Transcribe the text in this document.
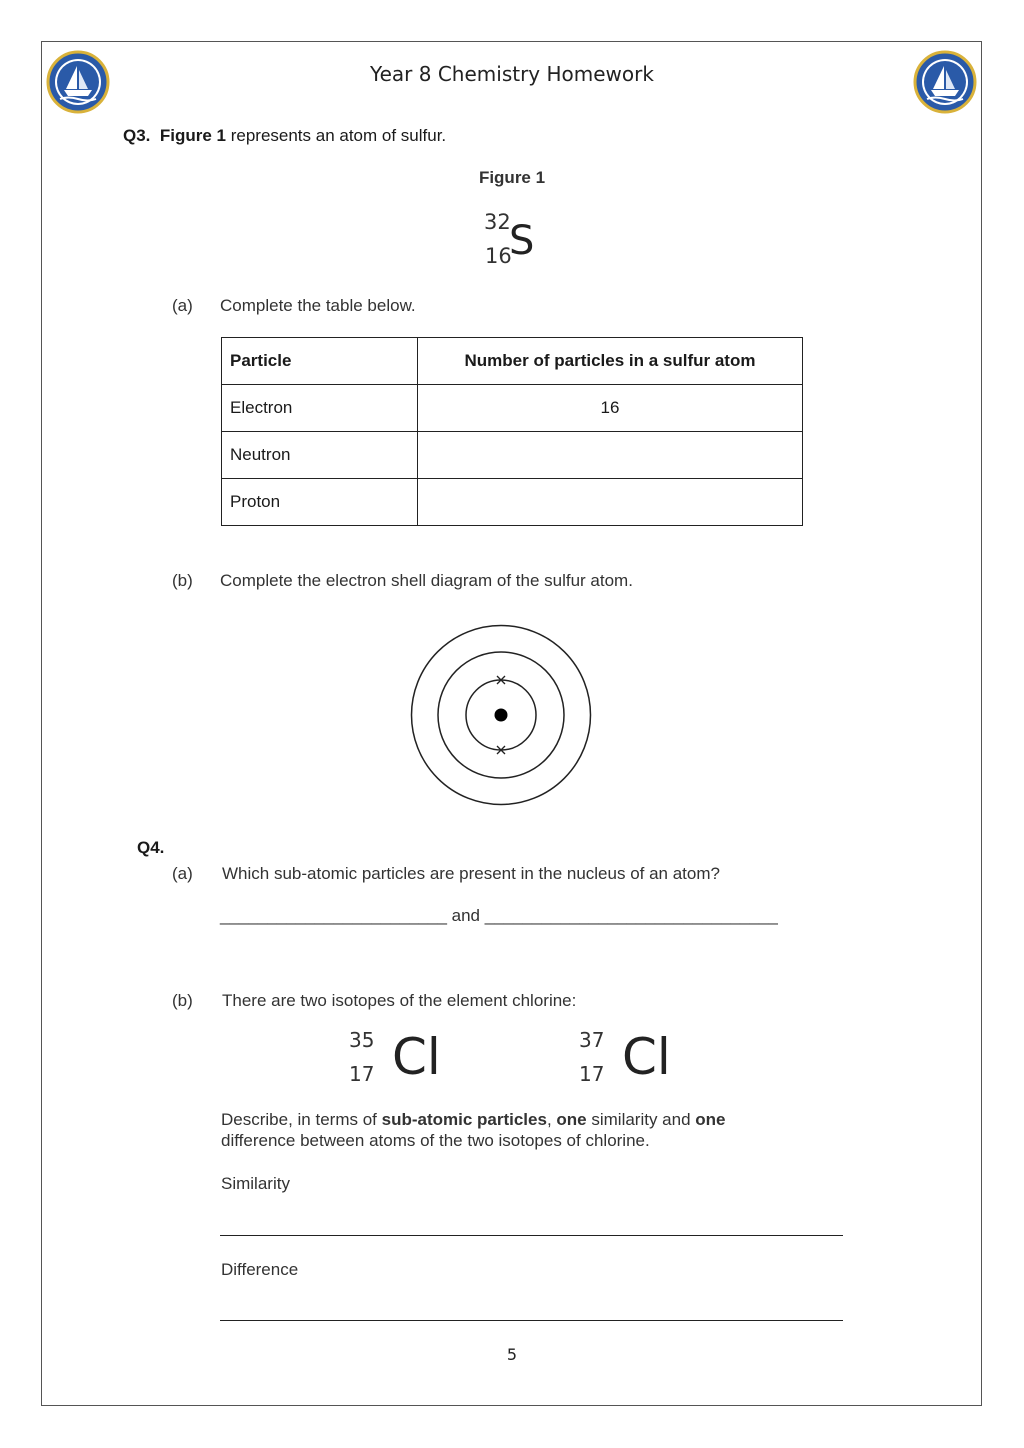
Year 8 Chemistry Homework
Q3. Figure 1 represents an atom of sulfur.
Figure 1
32
16
S
(a) Complete the table below.
Particle	Number of particles in a sulfur atom
Electron	16
Neutron	
Proton	
(b) Complete the electron shell diagram of the sulfur atom.
Q4.
(a) Which sub-atomic particles are present in the nucleus of an atom?
________________________ and _______________________________
(b) There are two isotopes of the element chlorine:
35
17 Cl	37
17 Cl
Describe, in terms of sub-atomic particles, one similarity and one
difference between atoms of the two isotopes of chlorine.
Similarity
Difference
5
